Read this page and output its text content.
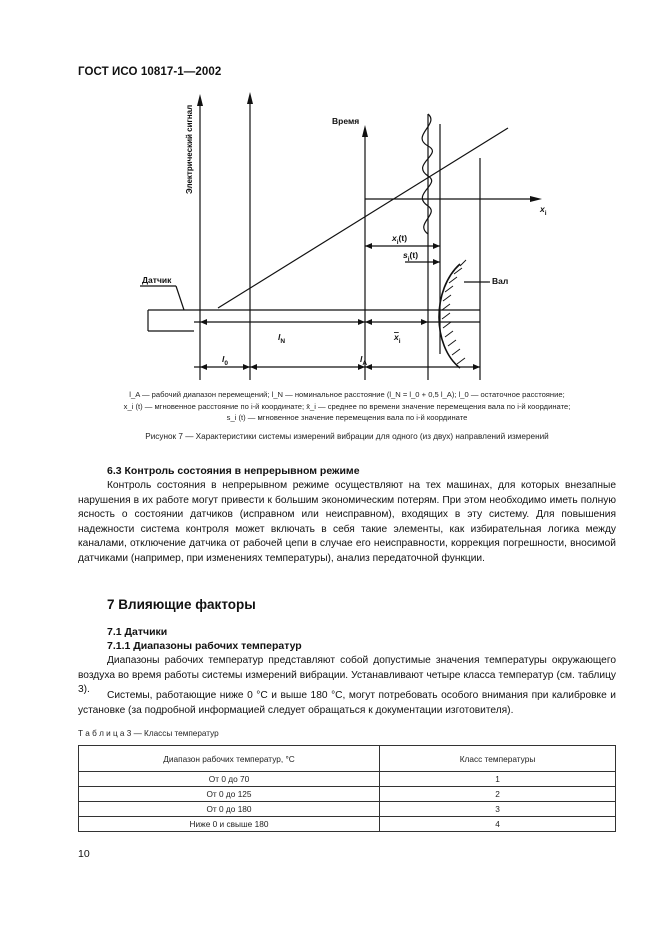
ГОСТ ИСО 10817-1—2002
Электрический сигнал	Время
$x_i$
Датчик	Вал
$x_i(t)$
$s_i(t)$
$l_0$
$l_N$
$l_A$
$x_i$
l_A — рабочий диапазон перемещений; l_N — номинальное расстояние (l_N = l_0 + 0,5 l_A); l_0 — остаточное расстояние;
x_i (t) — мгновенное расстояние по i-й координате; x̄_i — среднее по времени значение перемещения вала по i-й координате;
s_i (t) — мгновенное значение перемещения вала по i-й координате
Рисунок 7 — Характеристики системы измерений вибрации для одного (из двух) направлений измерений
6.3 Контроль состояния в непрерывном режиме
Контроль состояния в непрерывном режиме осуществляют на тех машинах, для которых внезапные нарушения в их работе могут привести к большим экономическим потерям. При этом необходимо иметь полную ясность о состоянии датчиков (исправном или неисправном), входящих в эту систему. Для повышения надежности система контроля может включать в себя такие элементы, как избирательная логика между каналами, отключение датчика от рабочей цепи в случае его неисправности, коррекция погрешности, вносимой датчиками (например, при изменениях температуры), анализ передаточной функции.
7 Влияющие факторы
7.1 Датчики
7.1.1 Диапазоны рабочих температур
Диапазоны рабочих температур представляют собой допустимые значения температуры окружающего воздуха во время работы системы измерений вибрации. Устанавливают четыре класса температур (см. таблицу 3).
Системы, работающие ниже 0 °С и выше 180 °С, могут потребовать особого внимания при калибровке и установке (за подробной информацией следует обращаться к документации изготовителя).
Т а б л и ц а 3 — Классы температур
Диапазон рабочих температур, °С	Класс температуры
От 0 до 70	1
От 0 до 125	2
От 0 до 180	3
Ниже 0 и свыше 180	4
10
